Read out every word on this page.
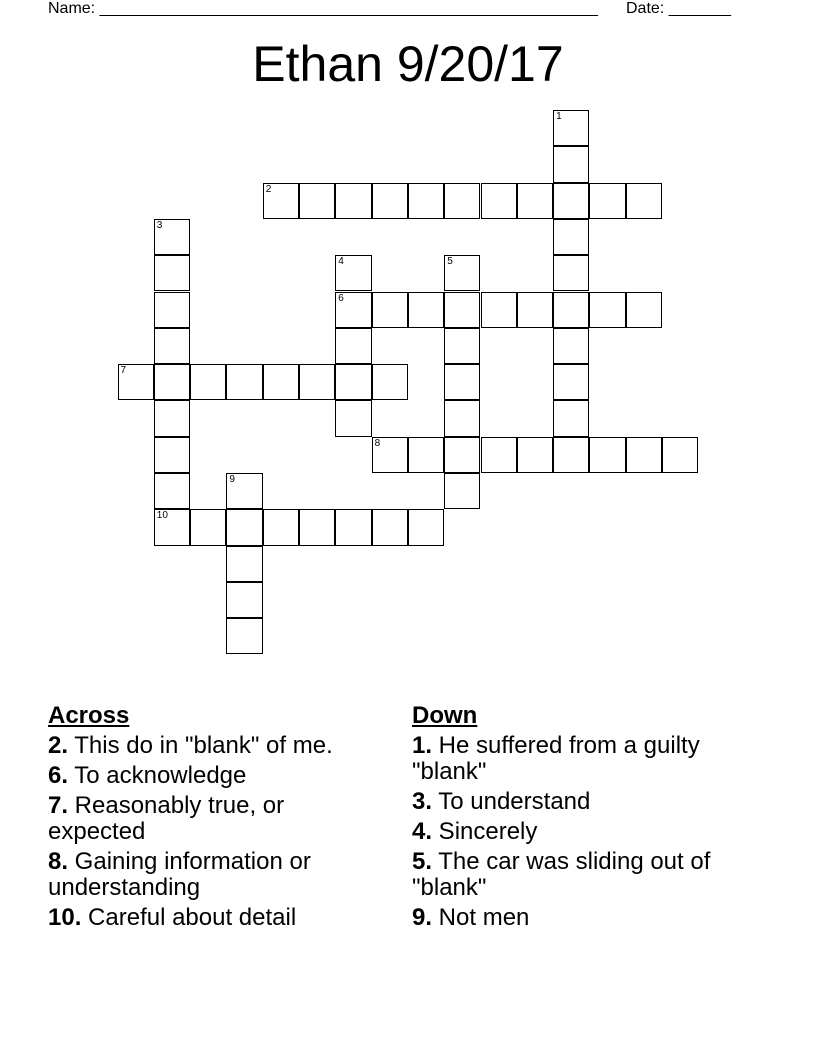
Name: ________________________________________________________ Date: _______
Ethan 9/20/17
1
2
3
4	5
6
7
8
9
10
Across
2. This do in "blank" of me.
6. To acknowledge
7. Reasonably true, or expected
8. Gaining information or understanding
10. Careful about detail
Down
1. He suffered from a guilty "blank"
3. To understand
4. Sincerely
5. The car was sliding out of "blank"
9. Not men
